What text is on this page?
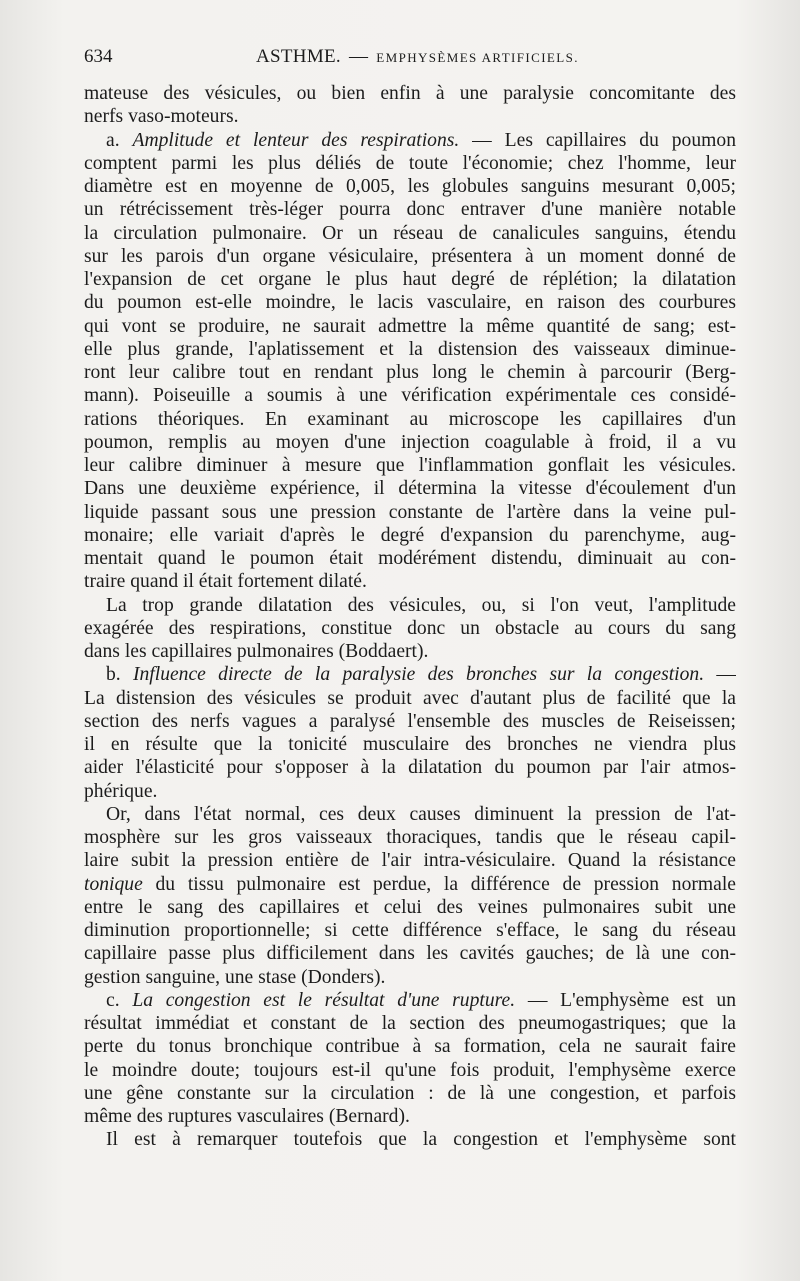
634	ASTHME. — EMPHYSÈMES ARTIFICIELS.
mateuse des vésicules, ou bien enfin à une paralysie concomitante des
nerfs vaso-moteurs.
a. Amplitude et lenteur des respirations. — Les capillaires du poumon
comptent parmi les plus déliés de toute l'économie; chez l'homme, leur
diamètre est en moyenne de 0,005, les globules sanguins mesurant 0,005;
un rétrécissement très-léger pourra donc entraver d'une manière notable
la circulation pulmonaire. Or un réseau de canalicules sanguins, étendu
sur les parois d'un organe vésiculaire, présentera à un moment donné de
l'expansion de cet organe le plus haut degré de réplétion; la dilatation
du poumon est-elle moindre, le lacis vasculaire, en raison des courbures
qui vont se produire, ne saurait admettre la même quantité de sang; est-
elle plus grande, l'aplatissement et la distension des vaisseaux diminue-
ront leur calibre tout en rendant plus long le chemin à parcourir (Berg-
mann). Poiseuille a soumis à une vérification expérimentale ces considé-
rations théoriques. En examinant au microscope les capillaires d'un
poumon, remplis au moyen d'une injection coagulable à froid, il a vu
leur calibre diminuer à mesure que l'inflammation gonflait les vésicules.
Dans une deuxième expérience, il détermina la vitesse d'écoulement d'un
liquide passant sous une pression constante de l'artère dans la veine pul-
monaire; elle variait d'après le degré d'expansion du parenchyme, aug-
mentait quand le poumon était modérément distendu, diminuait au con-
traire quand il était fortement dilaté.
La trop grande dilatation des vésicules, ou, si l'on veut, l'amplitude
exagérée des respirations, constitue donc un obstacle au cours du sang
dans les capillaires pulmonaires (Boddaert).
b. Influence directe de la paralysie des bronches sur la congestion. —
La distension des vésicules se produit avec d'autant plus de facilité que la
section des nerfs vagues a paralysé l'ensemble des muscles de Reiseissen;
il en résulte que la tonicité musculaire des bronches ne viendra plus
aider l'élasticité pour s'opposer à la dilatation du poumon par l'air atmos-
phérique.
Or, dans l'état normal, ces deux causes diminuent la pression de l'at-
mosphère sur les gros vaisseaux thoraciques, tandis que le réseau capil-
laire subit la pression entière de l'air intra-vésiculaire. Quand la résistance
tonique du tissu pulmonaire est perdue, la différence de pression normale
entre le sang des capillaires et celui des veines pulmonaires subit une
diminution proportionnelle; si cette différence s'efface, le sang du réseau
capillaire passe plus difficilement dans les cavités gauches; de là une con-
gestion sanguine, une stase (Donders).
c. La congestion est le résultat d'une rupture. — L'emphysème est un
résultat immédiat et constant de la section des pneumogastriques; que la
perte du tonus bronchique contribue à sa formation, cela ne saurait faire
le moindre doute; toujours est-il qu'une fois produit, l'emphysème exerce
une gêne constante sur la circulation : de là une congestion, et parfois
même des ruptures vasculaires (Bernard).
Il est à remarquer toutefois que la congestion et l'emphysème sont
